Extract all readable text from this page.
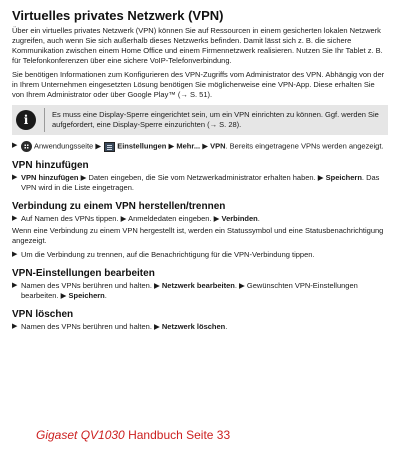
Virtuelles privates Netzwerk (VPN)

Über ein virtuelles privates Netzwerk (VPN) können Sie auf Ressourcen in einem gesicherten lokalen Netzwerk zugreifen, auch wenn Sie sich außerhalb dieses Netzwerks befinden. Damit lässt sich z. B. die sichere Kommunikation zwischen einem Home Office und einem Firmennetzwerk realisieren. Nutzen Sie Ihr Tablet z. B. für Telefonkonferenzen über eine sichere VoIP-Telefonverbindung.

Sie benötigen Informationen zum Konfigurieren des VPN-Zugriffs vom Administrator des VPN. Abhängig von der in Ihrem Unternehmen eingesetzten Lösung benötigen Sie möglicherweise eine VPN-App. Diese erhalten Sie von Ihrem Administrator oder über Google Play™ (→ S. 51).

i	Es muss eine Display-Sperre eingerichtet sein, um ein VPN einrichten zu können. Ggf. werden Sie aufgefordert, eine Display-Sperre einzurichten (→ S. 28).
▶	Anwendungsseite ▶ Einstellungen ▶ Mehr... ▶ VPN. Bereits eingetragene VPNs werden angezeigt.
VPN hinzufügen
▶ VPN hinzufügen ▶ Daten eingeben, die Sie vom Netzwerkadministrator erhalten haben. ▶ Speichern. Das VPN wird in die Liste eingetragen.
Verbindung zu einem VPN herstellen/trennen
▶ Auf Namen des VPNs tippen. ▶ Anmeldedaten eingeben. ▶ Verbinden.

Wenn eine Verbindung zu einem VPN hergestellt ist, werden ein Statussymbol und eine Statusbenachrichtigung angezeigt.

▶ Um die Verbindung zu trennen, auf die Benachrichtigung für die VPN-Verbindung tippen.
VPN-Einstellungen bearbeiten
▶ Namen des VPNs berühren und halten. ▶ Netzwerk bearbeiten. ▶ Gewünschten VPN-Einstellungen bearbeiten. ▶ Speichern.
VPN löschen
▶ Namen des VPNs berühren und halten. ▶ Netzwerk löschen.
Gigaset QV1030 Handbuch Seite 33
